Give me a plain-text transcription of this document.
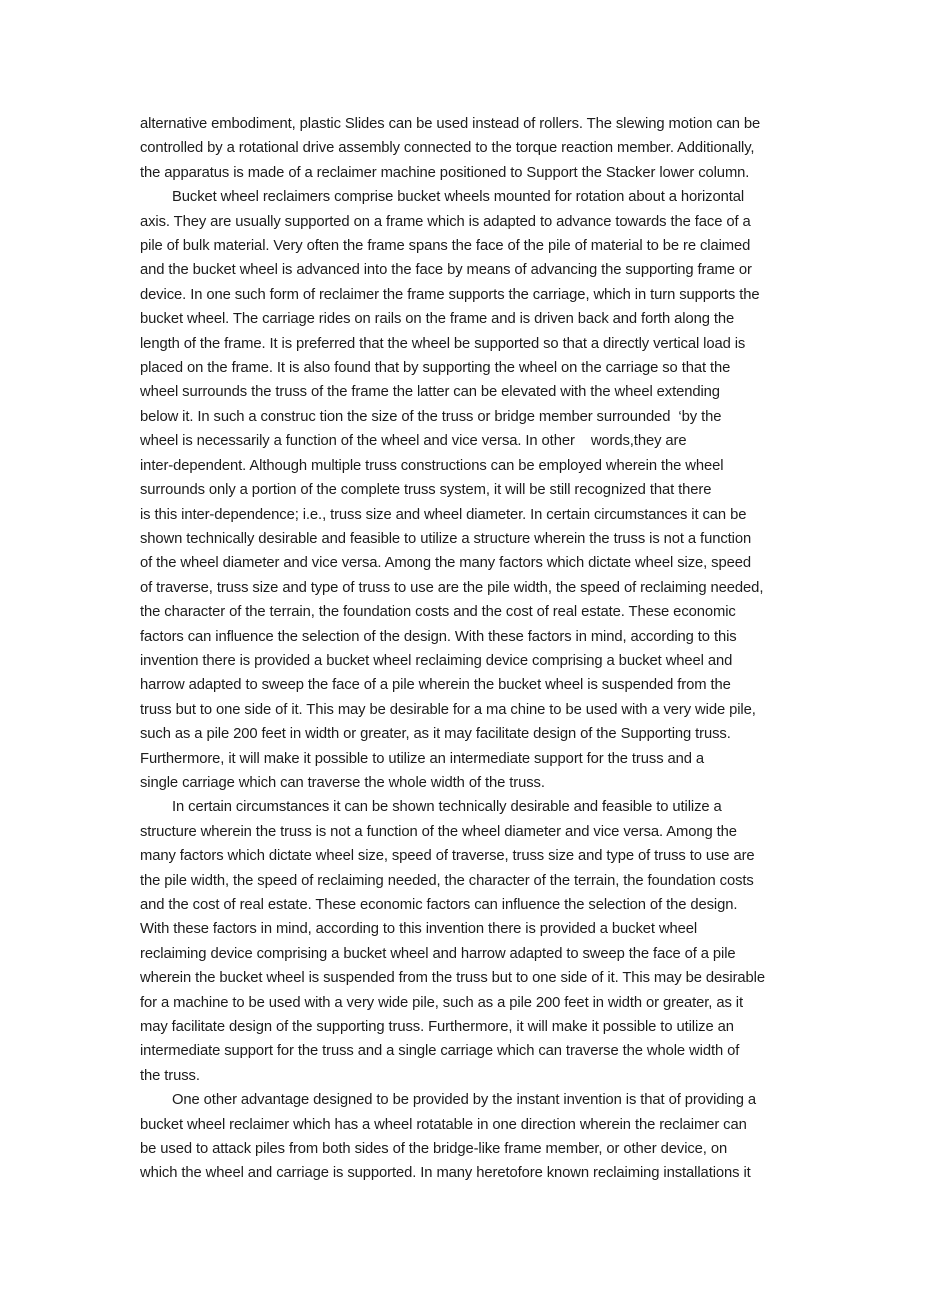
alternative embodiment, plastic Slides can be used instead of rollers. The slewing motion can be
controlled by a rotational drive assembly connected to the torque reaction member. Additionally,
the apparatus is made of a reclaimer machine positioned to Support the Stacker lower column.

Bucket wheel reclaimers comprise bucket wheels mounted for rotation about a horizontal
axis. They are usually supported on a frame which is adapted to advance towards the face of a
pile of bulk material. Very often the frame spans the face of the pile of material to be re claimed
and the bucket wheel is advanced into the face by means of advancing the supporting frame or
device. In one such form of reclaimer the frame supports the carriage, which in turn supports the
bucket wheel. The carriage rides on rails on the frame and is driven back and forth along the
length of the frame. It is preferred that the wheel be supported so that a directly vertical load is
placed on the frame. It is also found that by supporting the wheel on the carriage so that the
wheel surrounds the truss of the frame the latter can be elevated with the wheel extending
below it. In such a construc tion the size of the truss or bridge member surrounded  ‘by the
wheel is necessarily a function of the wheel and vice versa. In other    words,they are
inter-dependent. Although multiple truss constructions can be employed wherein the wheel
surrounds only a portion of the complete truss system, it will be still recognized that there
is this inter-dependence; i.e., truss size and wheel diameter. In certain circumstances it can be
shown technically desirable and feasible to utilize a structure wherein the truss is not a function
of the wheel diameter and vice versa. Among the many factors which dictate wheel size, speed
of traverse, truss size and type of truss to use are the pile width, the speed of reclaiming needed,
the character of the terrain, the foundation costs and the cost of real estate. These economic
factors can influence the selection of the design. With these factors in mind, according to this
invention there is provided a bucket wheel reclaiming device comprising a bucket wheel and
harrow adapted to sweep the face of a pile wherein the bucket wheel is suspended from the
truss but to one side of it. This may be desirable for a ma chine to be used with a very wide pile,
such as a pile 200 feet in width or greater, as it may facilitate design of the Supporting truss.
Furthermore, it will make it possible to utilize an intermediate support for the truss and a
single carriage which can traverse the whole width of the truss.

In certain circumstances it can be shown technically desirable and feasible to utilize a
structure wherein the truss is not a function of the wheel diameter and vice versa. Among the
many factors which dictate wheel size, speed of traverse, truss size and type of truss to use are
the pile width, the speed of reclaiming needed, the character of the terrain, the foundation costs
and the cost of real estate. These economic factors can influence the selection of the design.
With these factors in mind, according to this invention there is provided a bucket wheel
reclaiming device comprising a bucket wheel and harrow adapted to sweep the face of a pile
wherein the bucket wheel is suspended from the truss but to one side of it. This may be desirable
for a machine to be used with a very wide pile, such as a pile 200 feet in width or greater, as it
may facilitate design of the supporting truss. Furthermore, it will make it possible to utilize an
intermediate support for the truss and a single carriage which can traverse the whole width of
the truss.

One other advantage designed to be provided by the instant invention is that of providing a
bucket wheel reclaimer which has a wheel rotatable in one direction wherein the reclaimer can
be used to attack piles from both sides of the bridge-like frame member, or other device, on
which the wheel and carriage is supported. In many heretofore known reclaiming installations it
